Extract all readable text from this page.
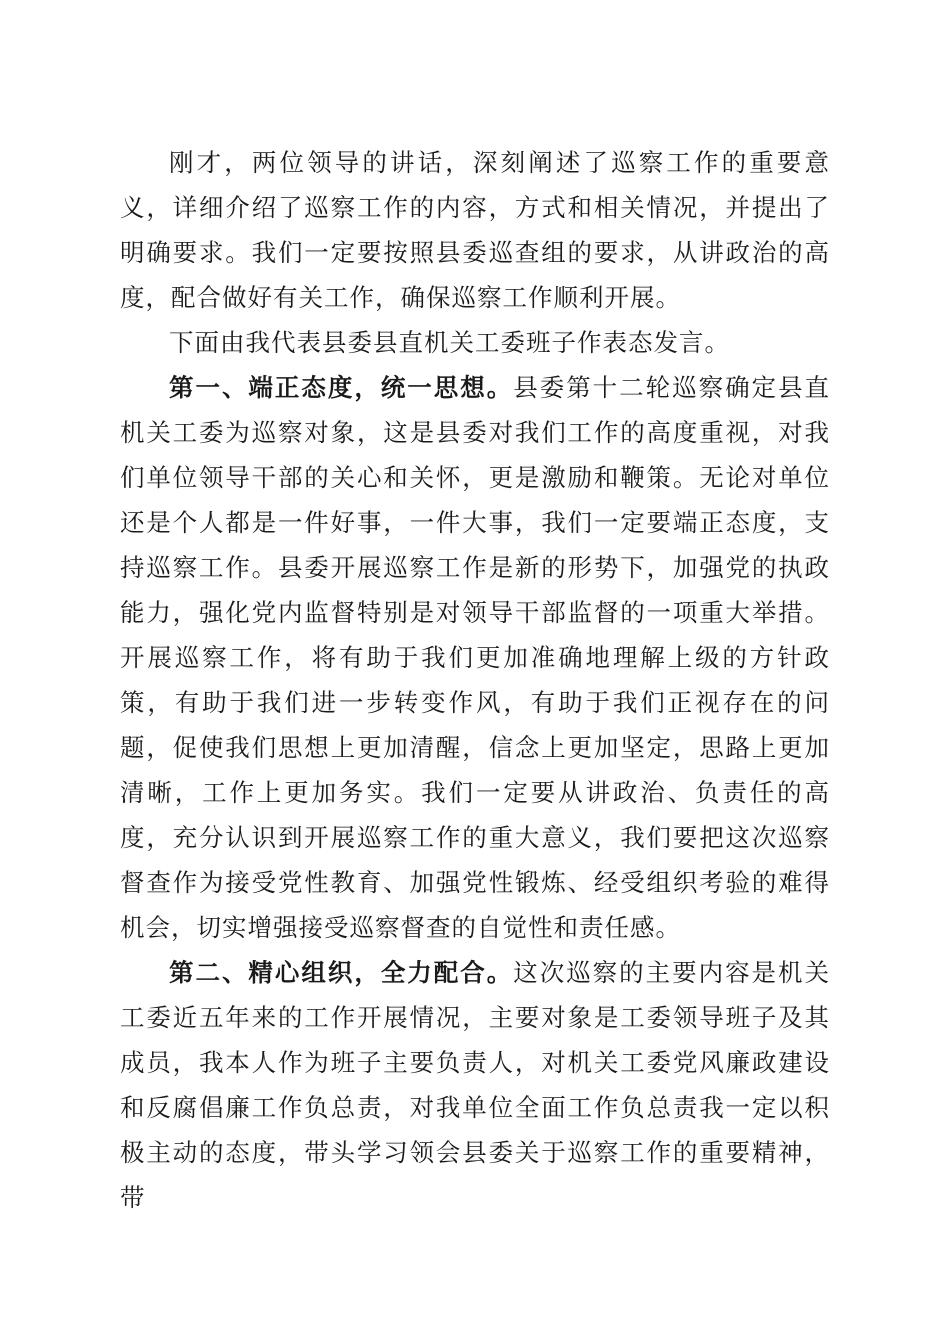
刚才，两位领导的讲话，深刻阐述了巡察工作的重要意义，详细介绍了巡察工作的内容，方式和相关情况，并提出了明确要求。我们一定要按照县委巡查组的要求，从讲政治的高度，配合做好有关工作，确保巡察工作顺利开展。

下面由我代表县委县直机关工委班子作表态发言。

第一、端正态度，统一思想。县委第十二轮巡察确定县直机关工委为巡察对象，这是县委对我们工作的高度重视，对我们单位领导干部的关心和关怀，更是激励和鞭策。无论对单位还是个人都是一件好事，一件大事，我们一定要端正态度，支持巡察工作。县委开展巡察工作是新的形势下，加强党的执政能力，强化党内监督特别是对领导干部监督的一项重大举措。开展巡察工作，将有助于我们更加准确地理解上级的方针政策，有助于我们进一步转变作风，有助于我们正视存在的问题，促使我们思想上更加清醒，信念上更加坚定，思路上更加清晰，工作上更加务实。我们一定要从讲政治、负责任的高度，充分认识到开展巡察工作的重大意义，我们要把这次巡察督查作为接受党性教育、加强党性锻炼、经受组织考验的难得机会，切实增强接受巡察督查的自觉性和责任感。

第二、精心组织，全力配合。这次巡察的主要内容是机关工委近五年来的工作开展情况，主要对象是工委领导班子及其成员，我本人作为班子主要负责人，对机关工委党风廉政建设和反腐倡廉工作负总责，对我单位全面工作负总责我一定以积极主动的态度，带头学习领会县委关于巡察工作的重要精神，带
